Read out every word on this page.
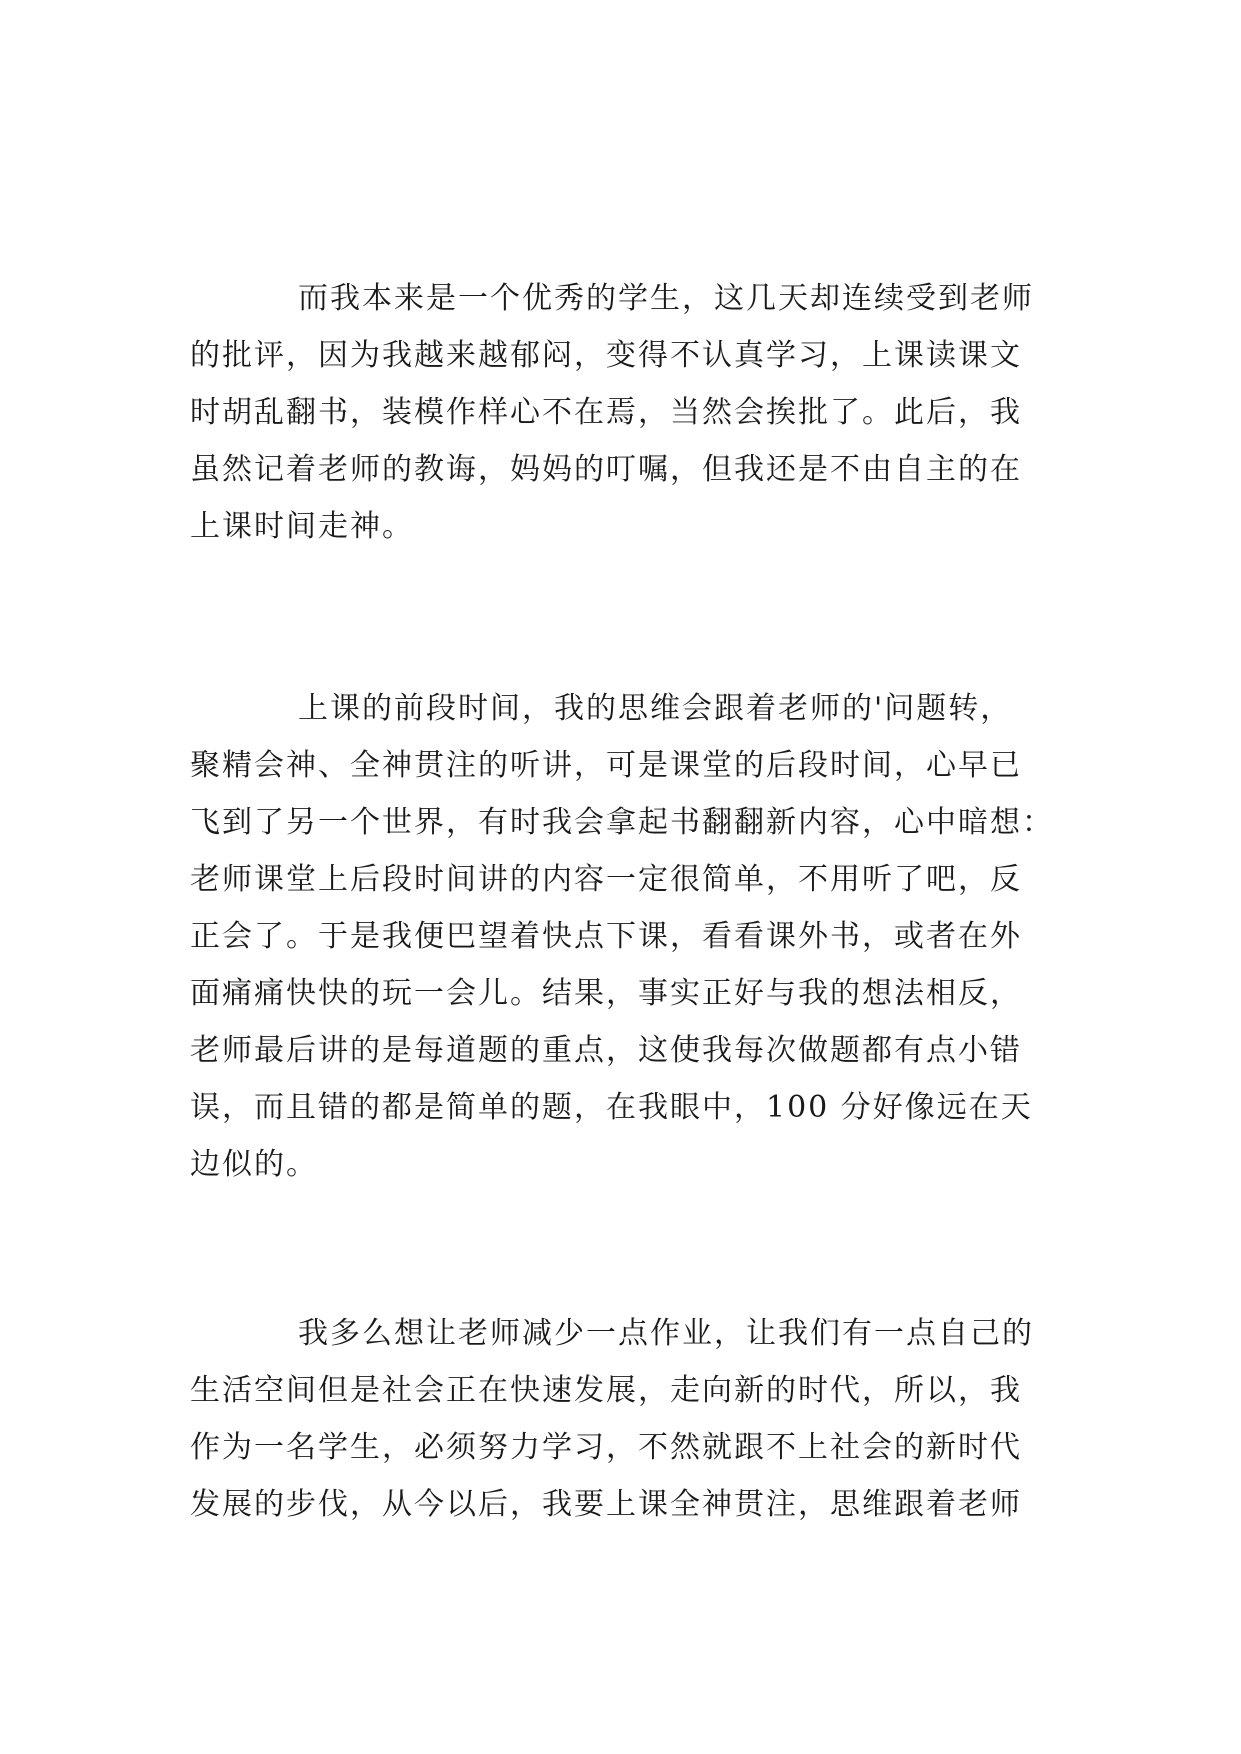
而我本来是一个优秀的学生，这几天却连续受到老师
的批评，因为我越来越郁闷，变得不认真学习，上课读课文
时胡乱翻书，装模作样心不在焉，当然会挨批了。此后，我
虽然记着老师的教诲，妈妈的叮嘱，但我还是不由自主的在
上课时间走神。
上课的前段时间，我的思维会跟着老师的'问题转，
聚精会神、全神贯注的听讲，可是课堂的后段时间，心早已
飞到了另一个世界，有时我会拿起书翻翻新内容，心中暗想：
老师课堂上后段时间讲的内容一定很简单，不用听了吧，反
正会了。于是我便巴望着快点下课，看看课外书，或者在外
面痛痛快快的玩一会儿。结果，事实正好与我的想法相反，
老师最后讲的是每道题的重点，这使我每次做题都有点小错
误，而且错的都是简单的题，在我眼中，100 分好像远在天
边似的。
我多么想让老师减少一点作业，让我们有一点自己的
生活空间但是社会正在快速发展，走向新的时代，所以，我
作为一名学生，必须努力学习，不然就跟不上社会的新时代
发展的步伐，从今以后，我要上课全神贯注，思维跟着老师
